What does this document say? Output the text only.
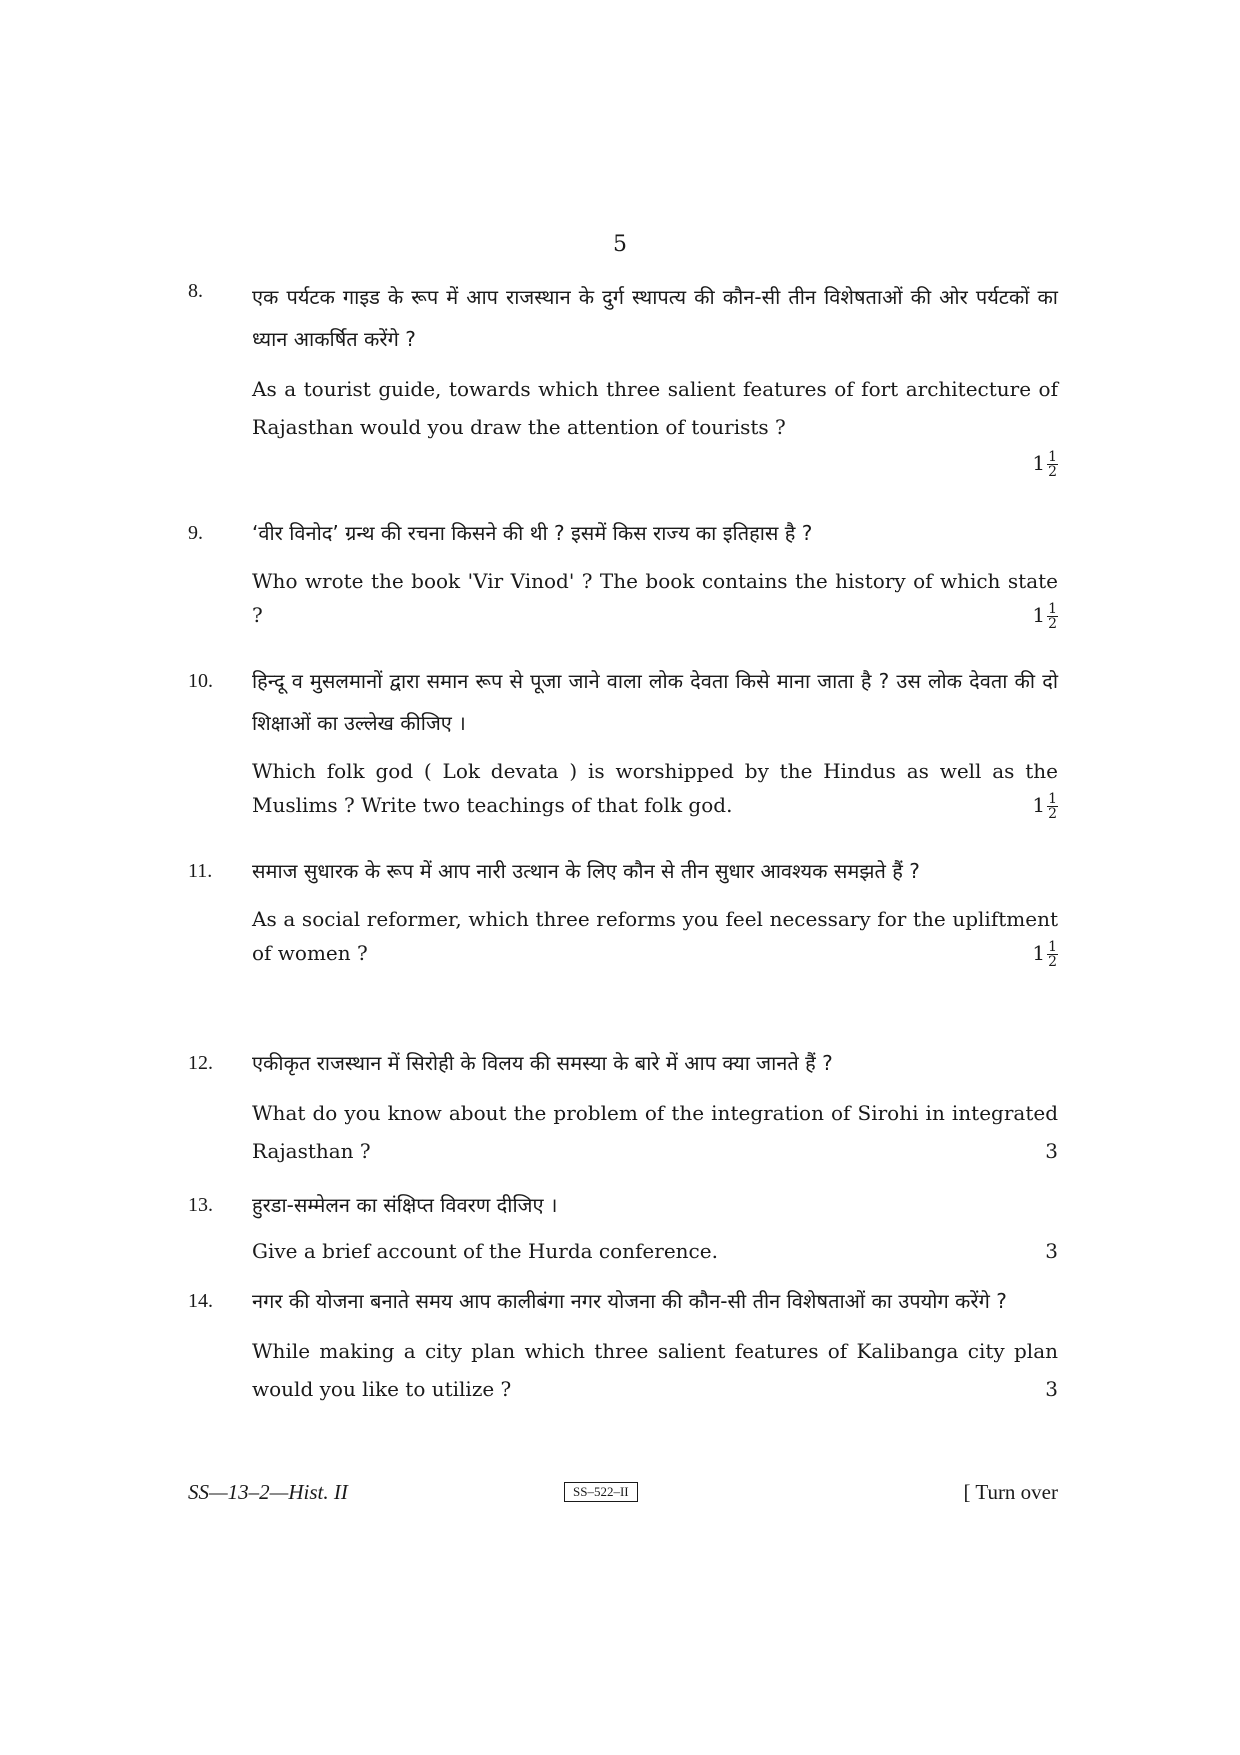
5
8. एक पर्यटक गाइड के रूप में आप राजस्थान के दुर्ग स्थापत्य की कौन-सी तीन विशेषताओं की ओर पर्यटकों का ध्यान आकर्षित करेंगे ?
As a tourist guide, towards which three salient features of fort architecture of Rajasthan would you draw the attention of tourists ?
$1 \frac{1}{2}$
9. ‘वीर विनोद’ ग्रन्थ की रचना किसने की थी ? इसमें किस राज्य का इतिहास है ?
$1 \frac{1}{2}$
Who wrote the book 'Vir Vinod' ? The book contains the history of which state ?
10. हिन्दू व मुसलमानों द्वारा समान रूप से पूजा जाने वाला लोक देवता किसे माना जाता है ? उस लोक देवता की दो शिक्षाओं का उल्लेख कीजिए ।
$1 \frac{1}{2}$
Which folk god ( Lok devata ) is worshipped by the Hindus as well as the Muslims ? Write two teachings of that folk god.
11. समाज सुधारक के रूप में आप नारी उत्थान के लिए कौन से तीन सुधार आवश्यक समझते हैं ?
$1 \frac{1}{2}$
As a social reformer, which three reforms you feel necessary for the upliftment of women ?
12. एकीकृत राजस्थान में सिरोही के विलय की समस्या के बारे में आप क्या जानते हैं ?
3
What do you know about the problem of the integration of Sirohi in integrated Rajasthan ?
13. हुरडा-सम्मेलन का संक्षिप्त विवरण दीजिए ।
3
Give a brief account of the Hurda conference.
14. नगर की योजना बनाते समय आप कालीबंगा नगर योजना की कौन-सी तीन विशेषताओं का उपयोग करेंगे ?
3
While making a city plan which three salient features of Kalibanga city plan would you like to utilize ?
SS—13–2—Hist. II	SS–522–II	[ Turn over
